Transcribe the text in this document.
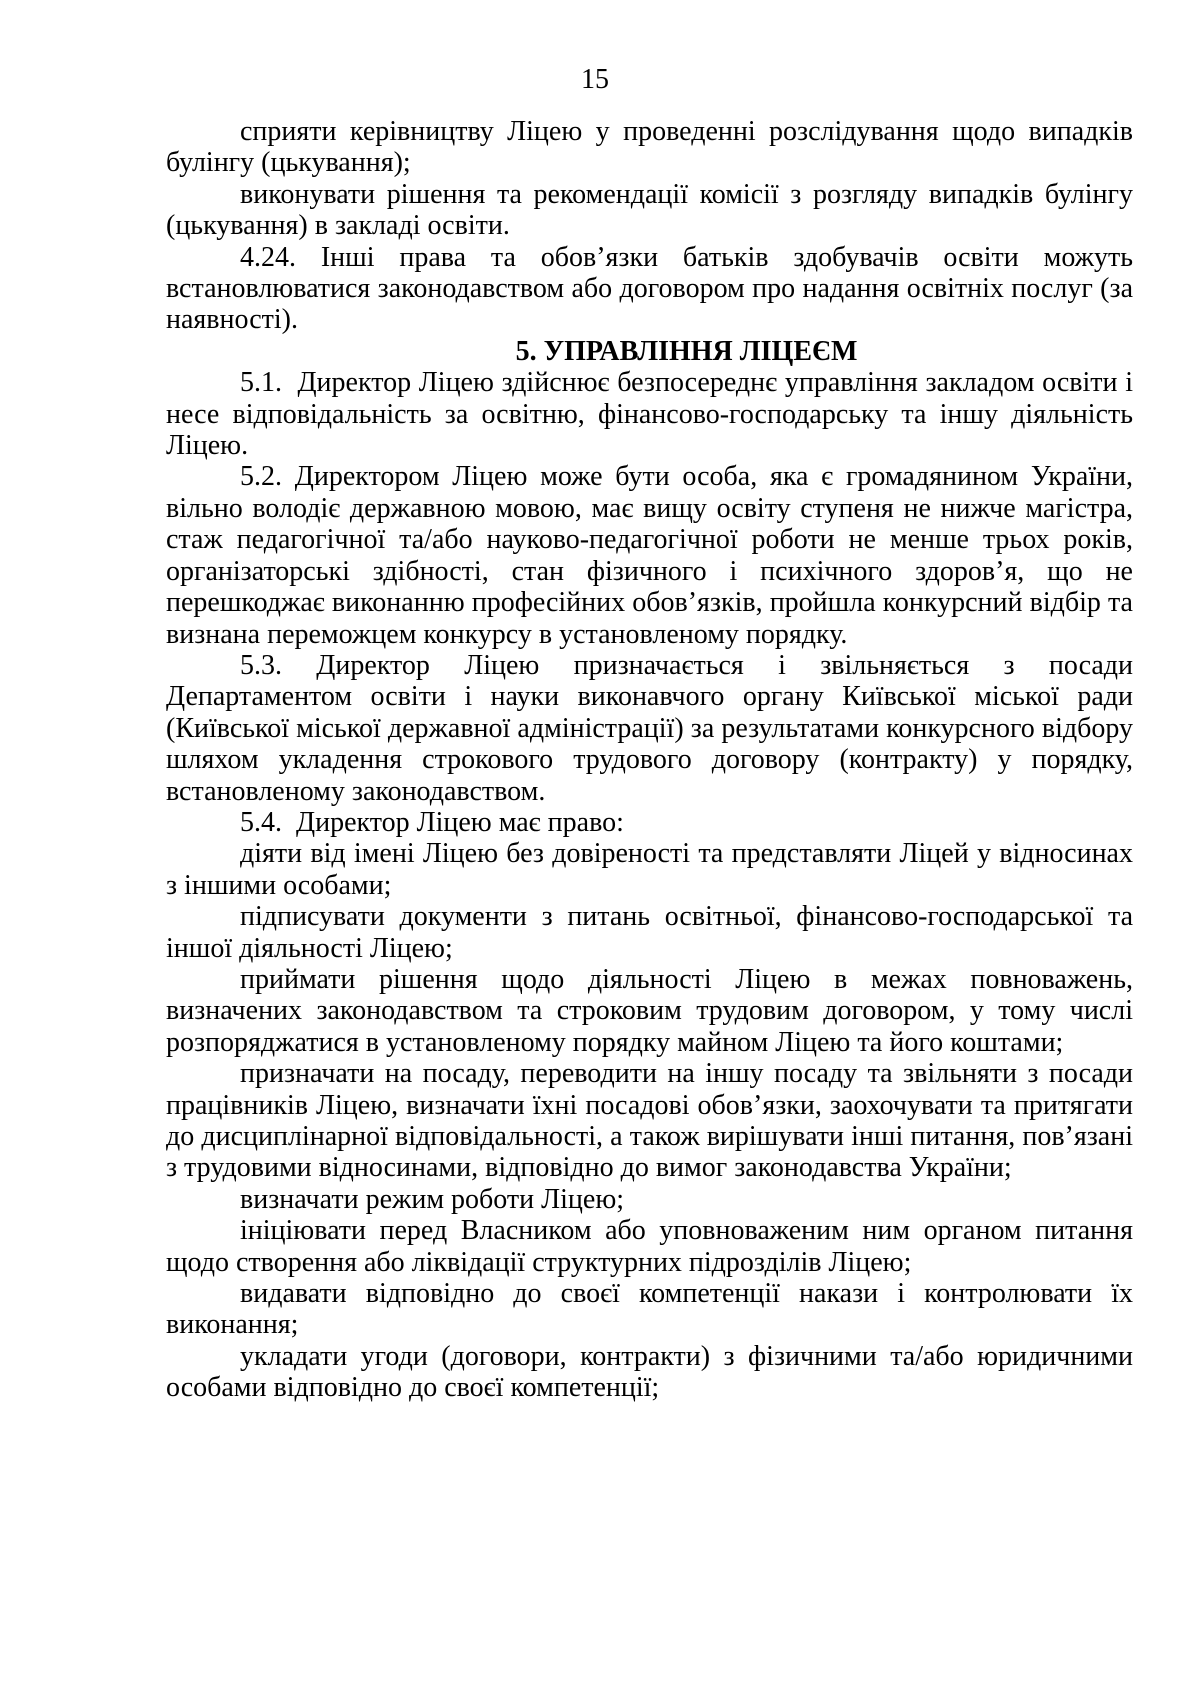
15

сприяти керівництву Ліцею у проведенні розслідування щодо випадків булінгу (цькування);

виконувати рішення та рекомендації комісії з розгляду випадків булінгу (цькування) в закладі освіти.

4.24. Інші права та обов’язки батьків здобувачів освіти можуть встановлюватися законодавством або договором про надання освітніх послуг (за наявності).

5. УПРАВЛІННЯ ЛІЦЕЄМ

5.1.  Директор Ліцею здійснює безпосереднє управління закладом освіти і несе відповідальність за освітню, фінансово-господарську та іншу діяльність Ліцею.

5.2. Директором Ліцею може бути особа, яка є громадянином України, вільно володіє державною мовою, має вищу освіту ступеня не нижче магістра, стаж педагогічної та/або науково-педагогічної роботи не менше трьох років, організаторські здібності, стан фізичного і психічного здоров’я, що не перешкоджає виконанню професійних обов’язків, пройшла конкурсний відбір та визнана переможцем конкурсу в установленому порядку.

5.3. Директор Ліцею призначається і звільняється з посади Департаментом освіти і науки виконавчого органу Київської міської ради (Київської міської державної адміністрації) за результатами конкурсного відбору шляхом укладення строкового трудового договору (контракту) у порядку, встановленому законодавством.

5.4.  Директор Ліцею має право:

діяти від імені Ліцею без довіреності та представляти Ліцей у відносинах з іншими особами;

підписувати документи з питань освітньої, фінансово-господарської та іншої діяльності Ліцею;

приймати рішення щодо діяльності Ліцею в межах повноважень, визначених законодавством та строковим трудовим договором, у тому числі розпоряджатися в установленому порядку майном Ліцею та його коштами;

призначати на посаду, переводити на іншу посаду та звільняти з посади працівників Ліцею, визначати їхні посадові обов’язки, заохочувати та притягати до дисциплінарної відповідальності, а також вирішувати інші питання, пов’язані з трудовими відносинами, відповідно до вимог законодавства України;

визначати режим роботи Ліцею;

ініціювати перед Власником або уповноваженим ним органом питання щодо створення або ліквідації структурних підрозділів Ліцею;

видавати відповідно до своєї компетенції накази і контролювати їх виконання;

укладати угоди (договори, контракти) з фізичними та/або юридичними особами відповідно до своєї компетенції;
